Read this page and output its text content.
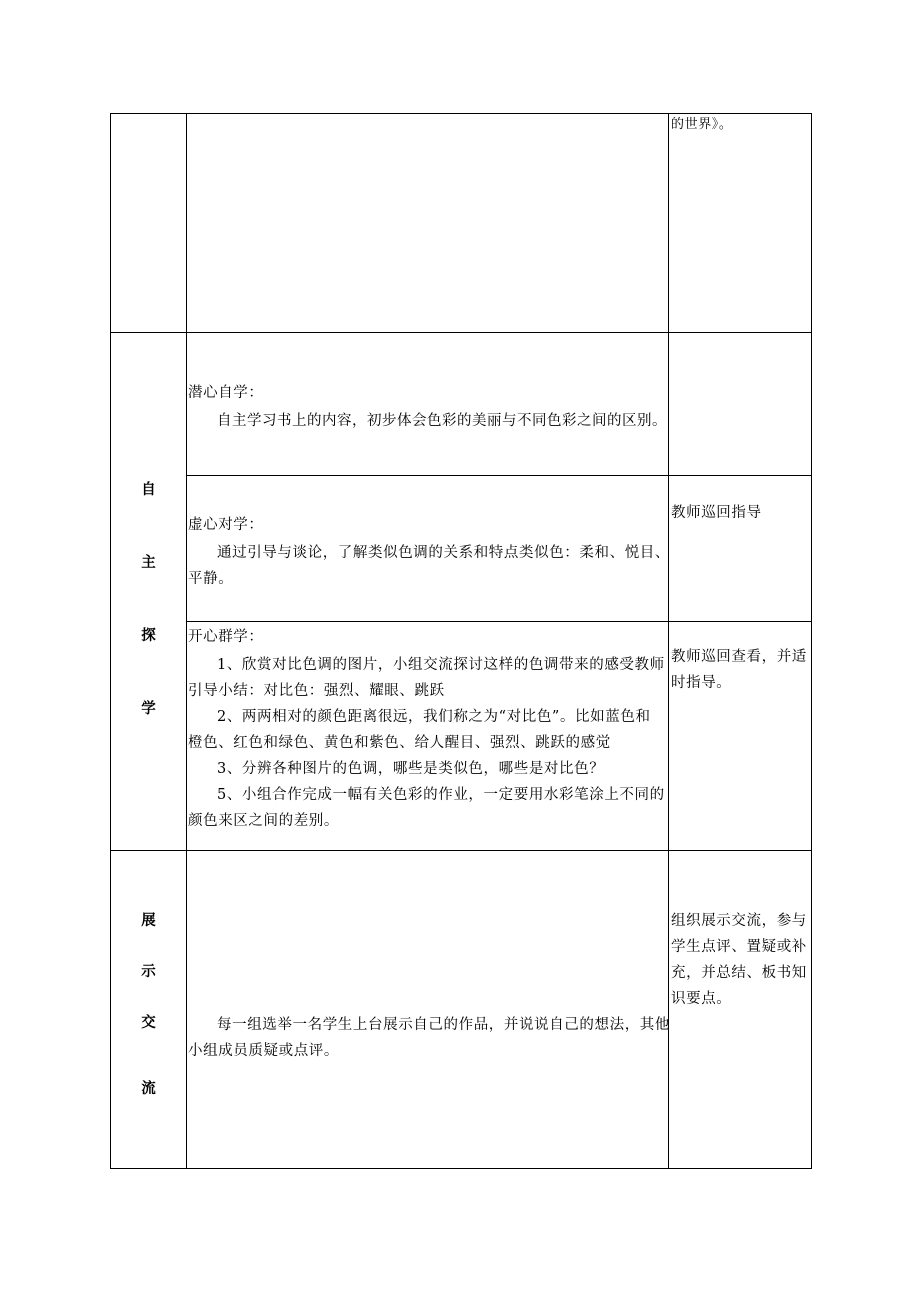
的世界》。
自
主
探
学
潜心自学：
自主学习书上的内容，初步体会色彩的美丽与不同色彩之间的区别。
虚心对学：
通过引导与谈论，了解类似色调的关系和特点类似色：柔和、悦目、
平静。
教师巡回指导
开心群学：
1、欣赏对比色调的图片，小组交流探讨这样的色调带来的感受教师
引导小结：对比色：强烈、耀眼、跳跃
2、两两相对的颜色距离很远，我们称之为“对比色”。比如蓝色和
橙色、红色和绿色、黄色和紫色、给人醒目、强烈、跳跃的感觉
3、分辨各种图片的色调，哪些是类似色，哪些是对比色？
5、小组合作完成一幅有关色彩的作业，一定要用水彩笔涂上不同的
颜色来区之间的差别。
教师巡回查看，并适
时指导。
展
示
交
流
每一组选举一名学生上台展示自己的作品，并说说自己的想法，其他
小组成员质疑或点评。
组织展示交流，参与
学生点评、置疑或补
充，并总结、板书知
识要点。
